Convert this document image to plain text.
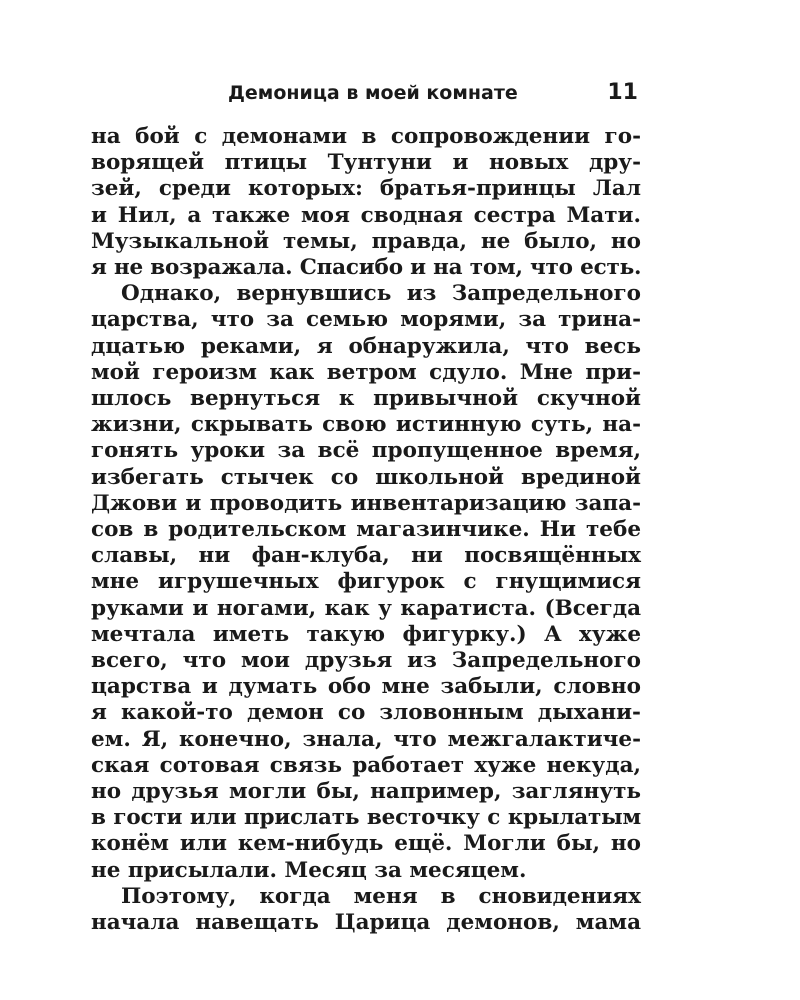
Демоница в моей комнате	11

на бой с демонами в сопровождении го-

ворящей птицы Тунтуни и новых дру-

зей, среди которых: братья-принцы Лал

и Нил, а также моя сводная сестра Мати.

Музыкальной темы, правда, не было, но

я не возражала. Спасибо и на том, что есть.

Однако, вернувшись из Запредельного

царства, что за семью морями, за трина-

дцатью реками, я обнаружила, что весь

мой героизм как ветром сдуло. Мне при-

шлось вернуться к привычной скучной

жизни, скрывать свою истинную суть, на-

гонять уроки за всё пропущенное время,

избегать стычек со школьной врединой

Джови и проводить инвентаризацию запа-

сов в родительском магазинчике. Ни тебе

славы, ни фан-клуба, ни посвящённых

мне игрушечных фигурок с гнущимися

руками и ногами, как у каратиста. (Всегда

мечтала иметь такую фигурку.) А хуже

всего, что мои друзья из Запредельного

царства и думать обо мне забыли, словно

я какой-то демон со зловонным дыхани-

ем. Я, конечно, знала, что межгалактиче-

ская сотовая связь работает хуже некуда,

но друзья могли бы, например, заглянуть

в гости или прислать весточку с крылатым

конём или кем-нибудь ещё. Могли бы, но

не присылали. Месяц за месяцем.

Поэтому, когда меня в сновидениях

начала навещать Царица демонов, мама
